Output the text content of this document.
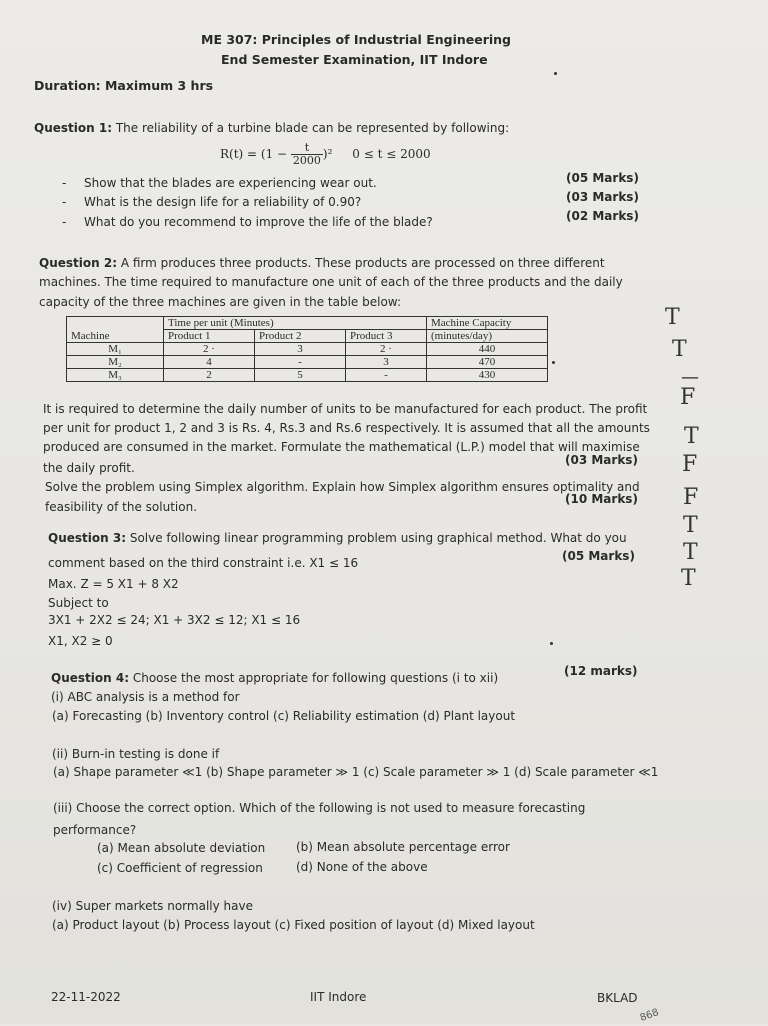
ME 307: Principles of Industrial Engineering
End Semester Examination, IIT Indore
Duration: Maximum 3 hrs
Question 1: The reliability of a turbine blade can be represented by following:
$R(t) = (1 - \frac{t}{2000} )^2$ 0 ≤ t ≤ 2000
- Show that the blades are experiencing wear out.	(05 Marks)
- What is the design life for a reliability of 0.90?	(03 Marks)
- What do you recommend to improve the life of the blade?	(02 Marks)
Question 2: A firm produces three products. These products are processed on three different
machines. The time required to manufacture one unit of each of the three products and the daily
capacity of the three machines are given in the table below:
Machine	Time per unit (Minutes)			Machine Capacity
	Product 1	Product 2	Product 3	(minutes/day)
M₁	2 ·	3	2 ·	440
M₂	4	-	3	470
M₃	2	5	-	430
It is required to determine the daily number of units to be manufactured for each product. The profit
per unit for product 1, 2 and 3 is Rs. 4, Rs.3 and Rs.6 respectively. It is assumed that all the amounts
produced are consumed in the market. Formulate the mathematical (L.P.) model that will maximise
the daily profit.
(03 Marks)
Solve the problem using Simplex algorithm. Explain how Simplex algorithm ensures optimality and
feasibility of the solution.
(10 Marks)
Question 3: Solve following linear programming problem using graphical method. What do you
comment based on the third constraint i.e. X1 ≤ 16	(05 Marks)
Max. Z = 5 X1 + 8 X2
Subject to
3X1 + 2X2 ≤ 24; X1 + 3X2 ≤ 12; X1 ≤ 16
X1, X2 ≥ 0
Question 4: Choose the most appropriate for following questions (i to xii)	(12 marks)
(i) ABC analysis is a method for
(a) Forecasting (b) Inventory control (c) Reliability estimation (d) Plant layout
(ii) Burn-in testing is done if
(a) Shape parameter ≪1 (b) Shape parameter ≫ 1 (c) Scale parameter ≫ 1 (d) Scale parameter ≪1
(iii) Choose the correct option. Which of the following is not used to measure forecasting
performance?
(a) Mean absolute deviation	(b) Mean absolute percentage error
(c) Coefficient of regression	(d) None of the above
(iv) Super markets normally have
(a) Product layout (b) Process layout (c) Fixed position of layout (d) Mixed layout
22-11-2022	IIT Indore	BKLAD
868
T
T
—
F
T
F
F
T
T
T
